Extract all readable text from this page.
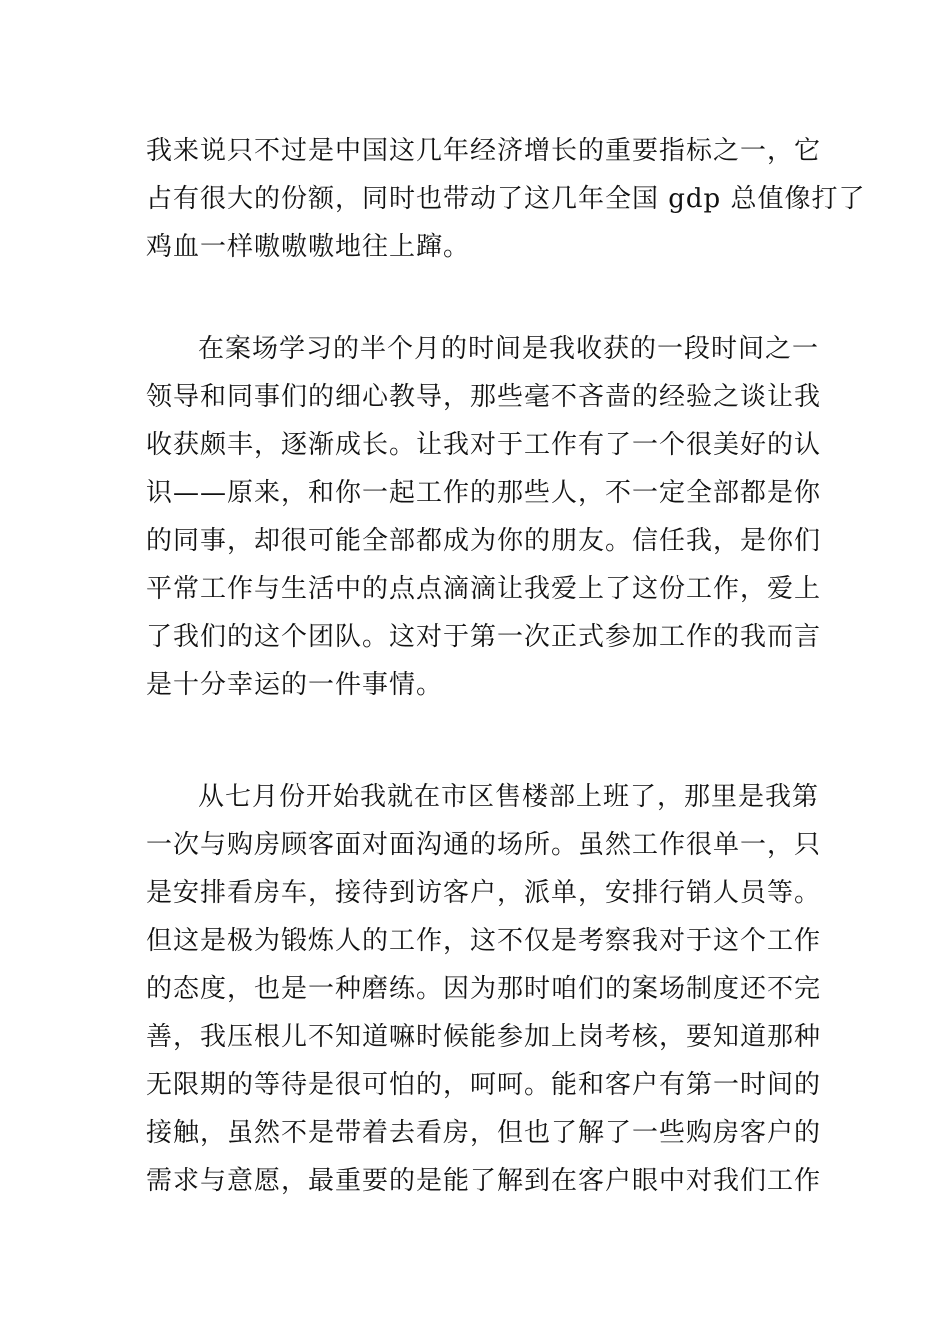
我来说只不过是中国这几年经济增长的重要指标之一，它
占有很大的份额，同时也带动了这几年全国 gdp 总值像打了
鸡血一样嗷嗷嗷地往上蹿。
在案场学习的半个月的时间是我收获的一段时间之一
领导和同事们的细心教导，那些毫不吝啬的经验之谈让我
收获颇丰，逐渐成长。让我对于工作有了一个很美好的认
识——原来，和你一起工作的那些人，不一定全部都是你
的同事，却很可能全部都成为你的朋友。信任我，是你们
平常工作与生活中的点点滴滴让我爱上了这份工作，爱上
了我们的这个团队。这对于第一次正式参加工作的我而言
是十分幸运的一件事情。
从七月份开始我就在市区售楼部上班了，那里是我第
一次与购房顾客面对面沟通的场所。虽然工作很单一，只
是安排看房车，接待到访客户，派单，安排行销人员等。
但这是极为锻炼人的工作，这不仅是考察我对于这个工作
的态度，也是一种磨练。因为那时咱们的案场制度还不完
善，我压根儿不知道嘛时候能参加上岗考核，要知道那种
无限期的等待是很可怕的，呵呵。能和客户有第一时间的
接触，虽然不是带着去看房，但也了解了一些购房客户的
需求与意愿，最重要的是能了解到在客户眼中对我们工作
